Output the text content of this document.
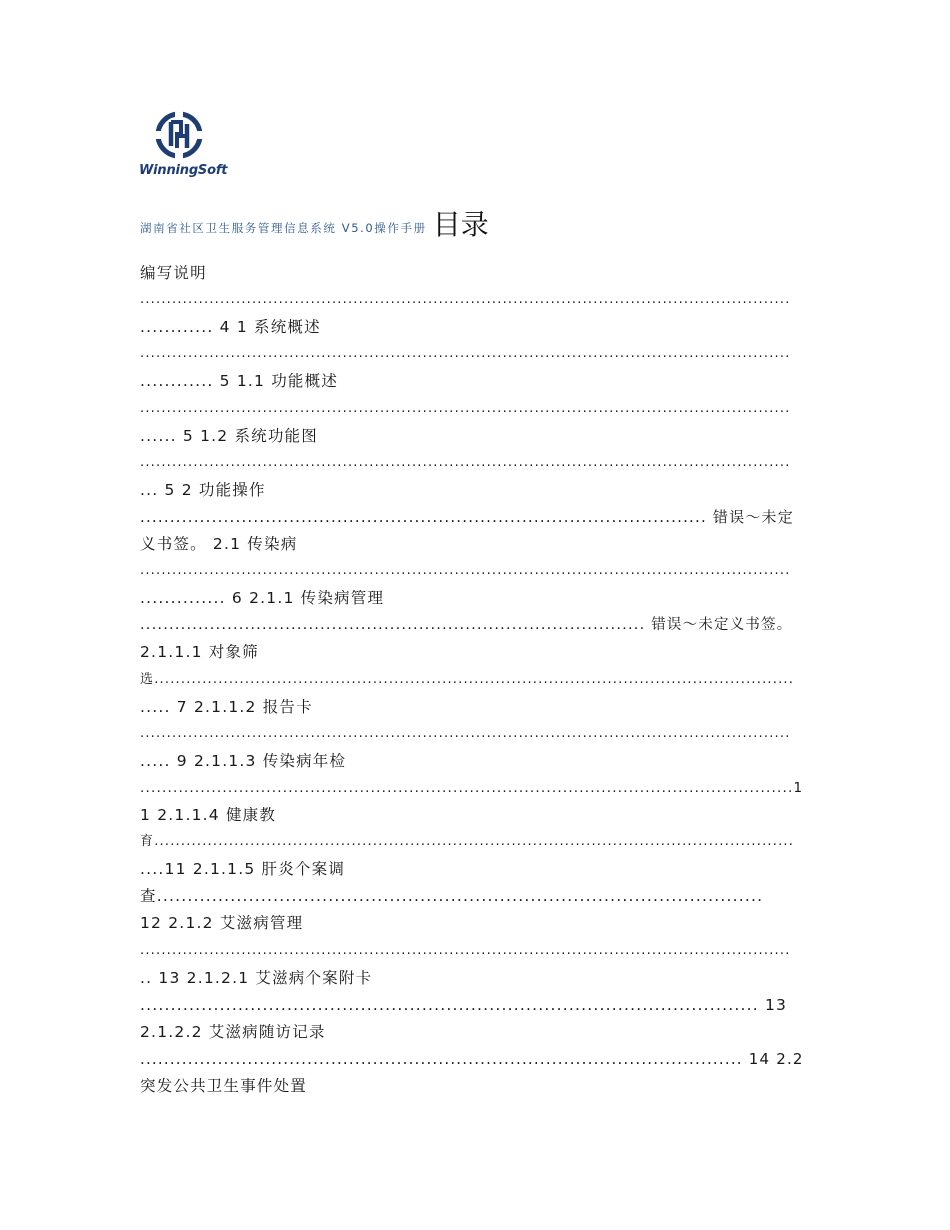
WinningSoft
湖南省社区卫生服务管理信息系统 V5.0操作手册 目录
编写说明
..........................................................................................................................
............ 4 1 系统概述
..........................................................................................................................
............ 5 1.1 功能概述
..........................................................................................................................
...... 5 1.2 系统功能图
..........................................................................................................................
... 5 2 功能操作
............................................................................................... 错误～未定
义书签。 2.1 传染病
..........................................................................................................................
.............. 6 2.1.1 传染病管理
....................................................................................... 错误～未定义书签。
2.1.1.1 对象筛
选........................................................................................................................
..... 7 2.1.1.2 报告卡
..........................................................................................................................
..... 9 2.1.1.3 传染病年检
.......................................................................................................................1
1 2.1.1.4 健康教
育........................................................................................................................
....11 2.1.1.5 肝炎个案调
查...................................................................................................
12 2.1.2 艾滋病管理
..........................................................................................................................
.. 13 2.1.2.1 艾滋病个案附卡
..................................................................................................... 13
2.1.2.2 艾滋病随访记录
..................................................................................................... 14 2.2
突发公共卫生事件处置
